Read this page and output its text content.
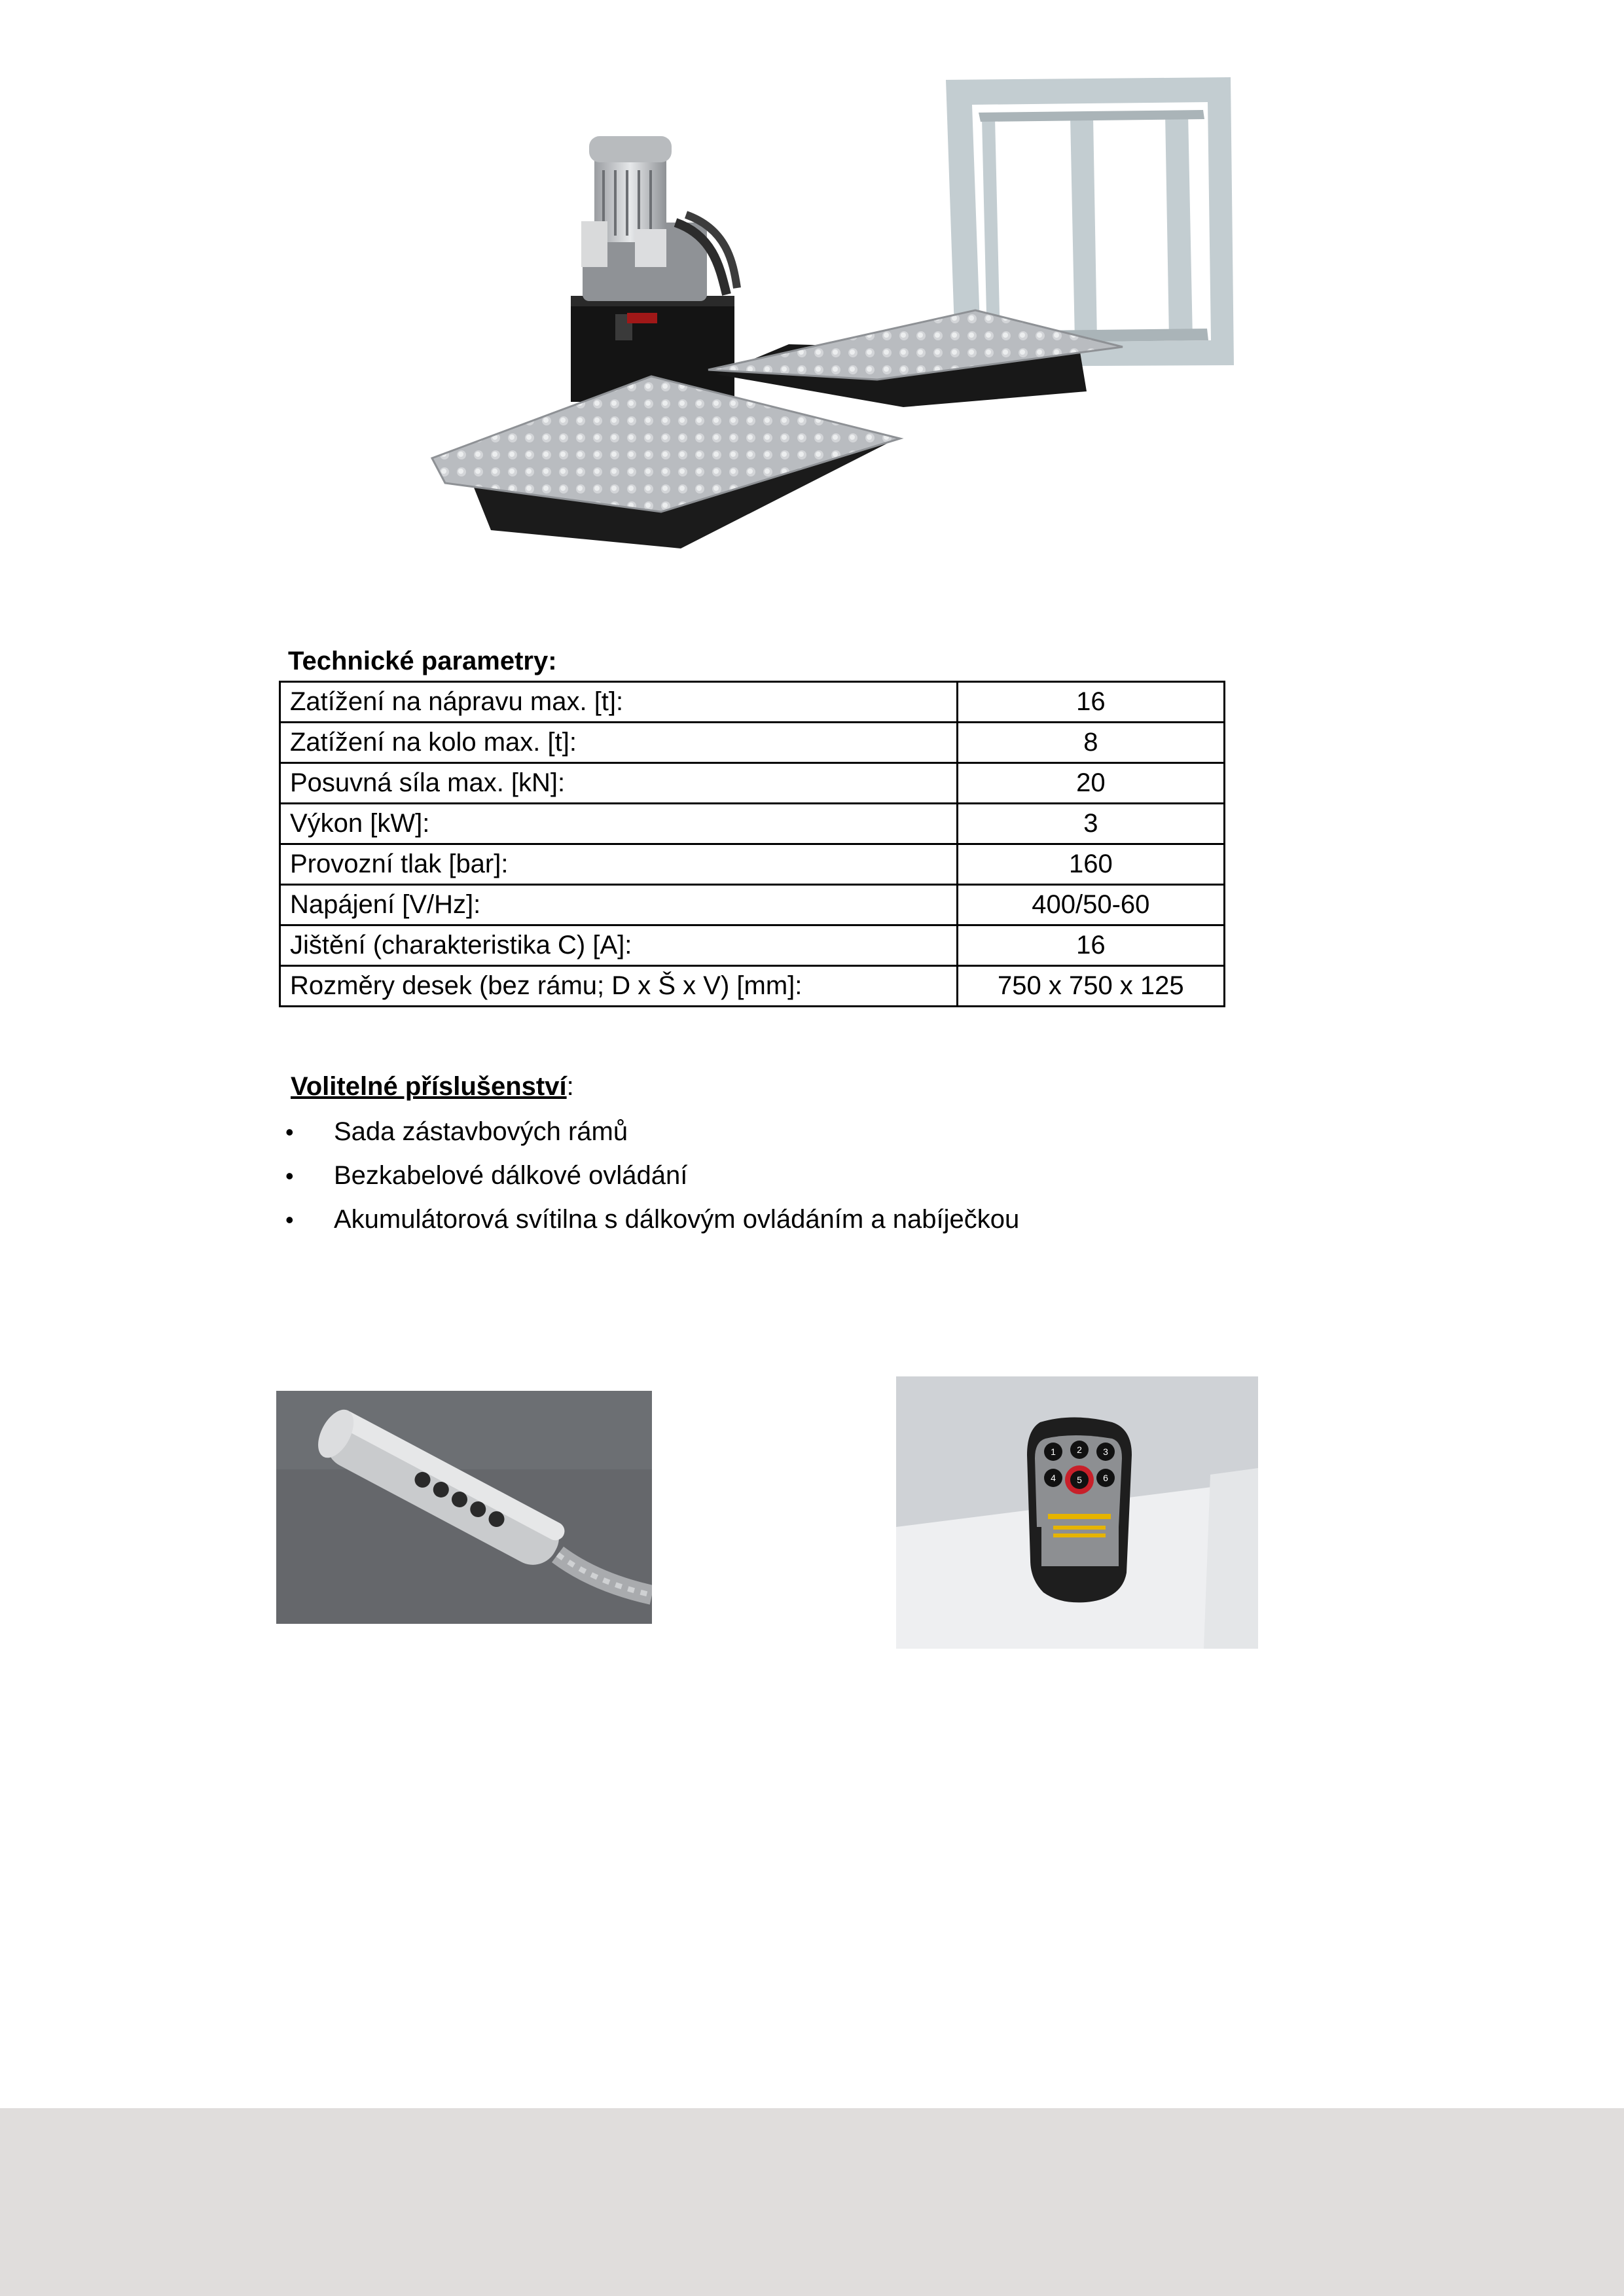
Technické parametry:
Zatížení na nápravu max. [t]:	16
Zatížení na kolo max. [t]:	8
Posuvná síla max. [kN]:	20
Výkon [kW]:	3
Provozní tlak [bar]:	160
Napájení [V/Hz]:	400/50-60
Jištění (charakteristika C) [A]:	16
Rozměry desek (bez rámu; D x Š x V) [mm]:	750 x 750 x 125
Volitelné příslušenství:
• Sada zástavbových rámů
• Bezkabelové dálkové ovládání
• Akumulátorová svítilna s dálkovým ovládáním a nabíječkou
1 2 3
4 5 6
